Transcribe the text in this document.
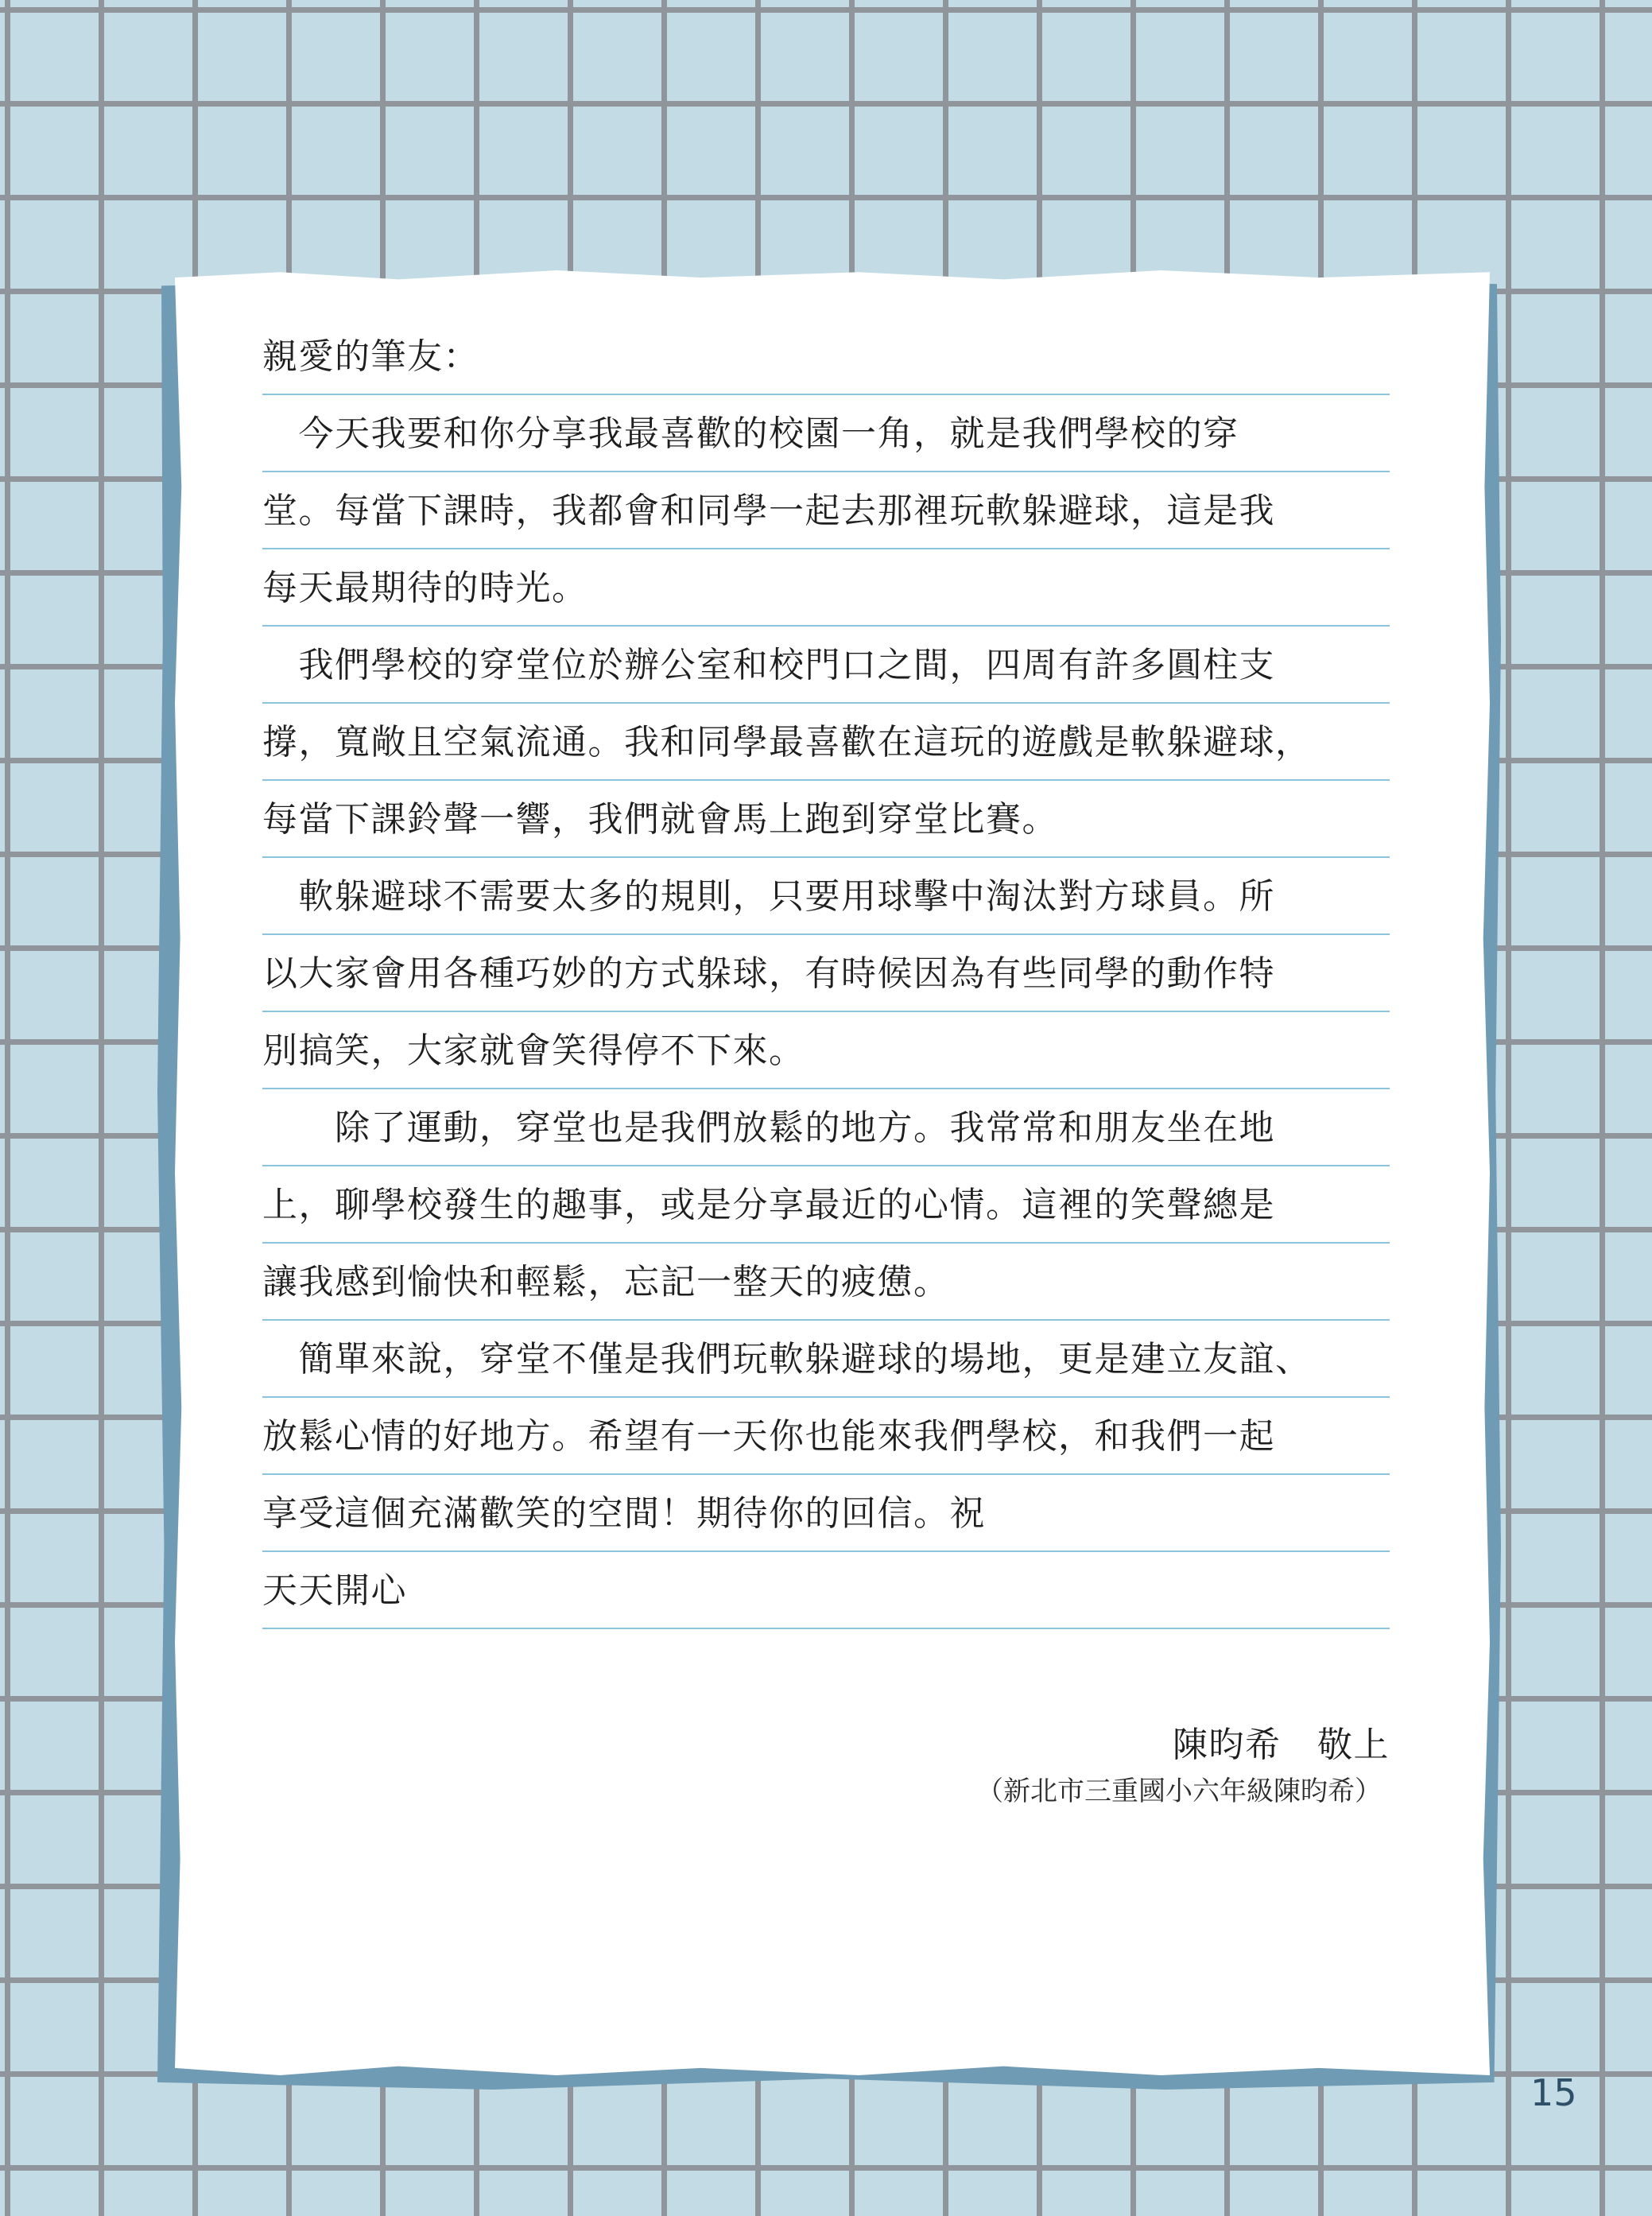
親愛的筆友：
　今天我要和你分享我最喜歡的校園一角，就是我們學校的穿
堂。每當下課時，我都會和同學一起去那裡玩軟躲避球，這是我
每天最期待的時光。
　我們學校的穿堂位於辦公室和校門口之間，四周有許多圓柱支
撐，寬敞且空氣流通。我和同學最喜歡在這玩的遊戲是軟躲避球，
每當下課鈴聲一響，我們就會馬上跑到穿堂比賽。
　軟躲避球不需要太多的規則，只要用球擊中淘汰對方球員。所
以大家會用各種巧妙的方式躲球，有時候因為有些同學的動作特
別搞笑，大家就會笑得停不下來。
　　除了運動，穿堂也是我們放鬆的地方。我常常和朋友坐在地
上，聊學校發生的趣事，或是分享最近的心情。這裡的笑聲總是
讓我感到愉快和輕鬆，忘記一整天的疲憊。
　簡單來說，穿堂不僅是我們玩軟躲避球的場地，更是建立友誼、
放鬆心情的好地方。希望有一天你也能來我們學校，和我們一起
享受這個充滿歡笑的空間！期待你的回信。祝
天天開心
陳昀希　敬上
（新北市三重國小六年級陳昀希）
15
